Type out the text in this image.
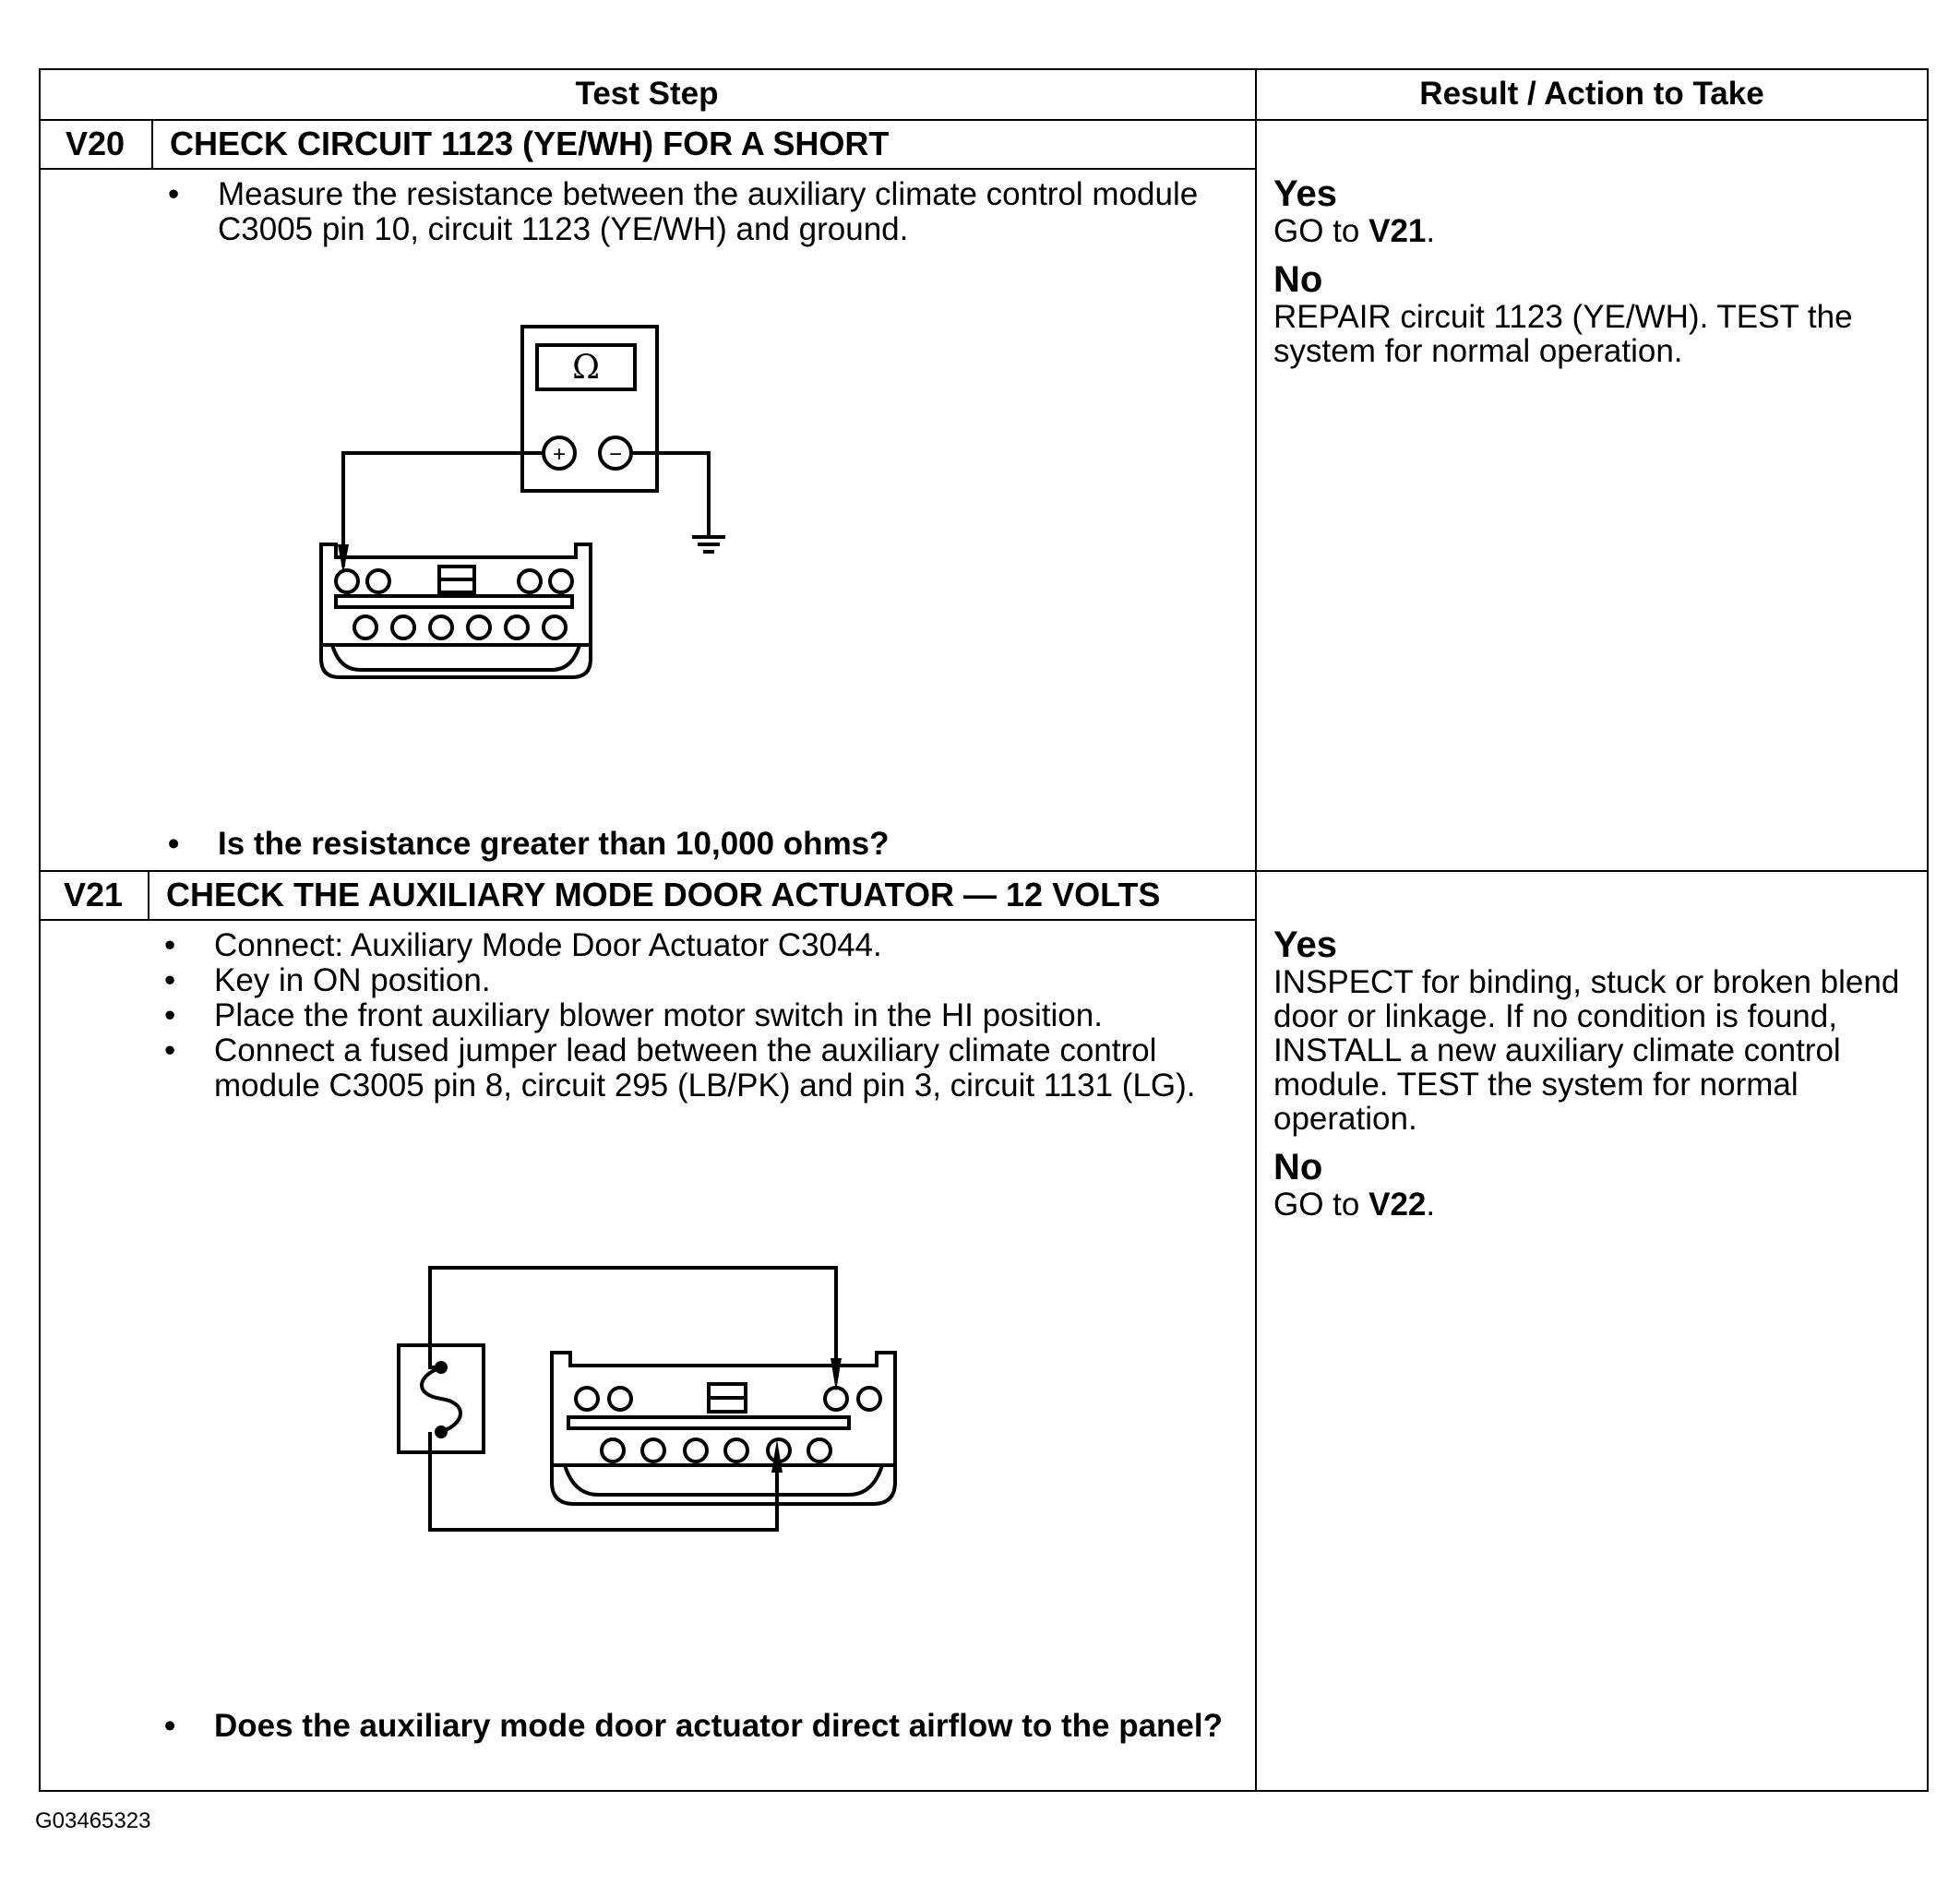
Test Step	Result / Action to Take
V20	CHECK CIRCUIT 1123 (YE/WH) FOR A SHORT
• Measure the resistance between the auxiliary climate control module C3005 pin 10, circuit 1123 (YE/WH) and ground.
Ω
+ −
• Is the resistance greater than 10,000 ohms?
Yes
GO to V21.
No
REPAIR circuit 1123 (YE/WH). TEST the system for normal operation.
V21	CHECK THE AUXILIARY MODE DOOR ACTUATOR — 12 VOLTS
• Connect: Auxiliary Mode Door Actuator C3044.
• Key in ON position.
• Place the front auxiliary blower motor switch in the HI position.
• Connect a fused jumper lead between the auxiliary climate control module C3005 pin 8, circuit 295 (LB/PK) and pin 3, circuit 1131 (LG).
• Does the auxiliary mode door actuator direct airflow to the panel?
Yes
INSPECT for binding, stuck or broken blend door or linkage. If no condition is found, INSTALL a new auxiliary climate control module. TEST the system for normal operation.
No
GO to V22.
G03465323
